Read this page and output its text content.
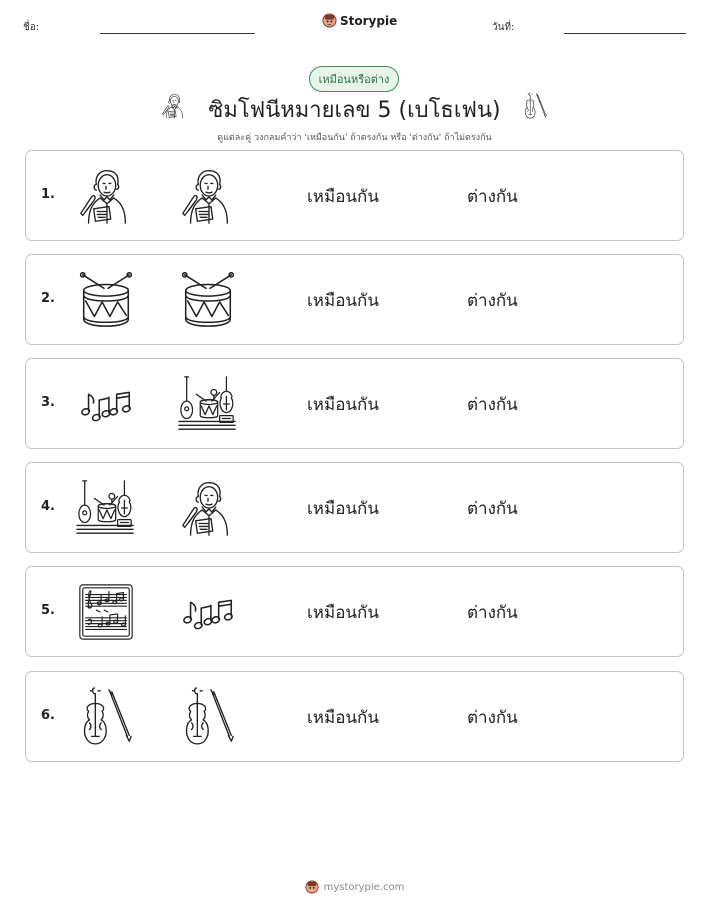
ชื่อ:	Storypie	วันที่:
เหมือนหรือต่าง
ซิมโฟนีหมายเลข 5 (เบโธเฟน)
ดูแต่ละคู่ วงกลมคำว่า 'เหมือนกัน' ถ้าตรงกัน หรือ 'ต่างกัน' ถ้าไม่ตรงกัน
1.	เหมือนกัน	ต่างกัน
2.	เหมือนกัน	ต่างกัน
3.	เหมือนกัน	ต่างกัน
4.	เหมือนกัน	ต่างกัน
5.	เหมือนกัน	ต่างกัน
6.	เหมือนกัน	ต่างกัน
mystorypie.com
